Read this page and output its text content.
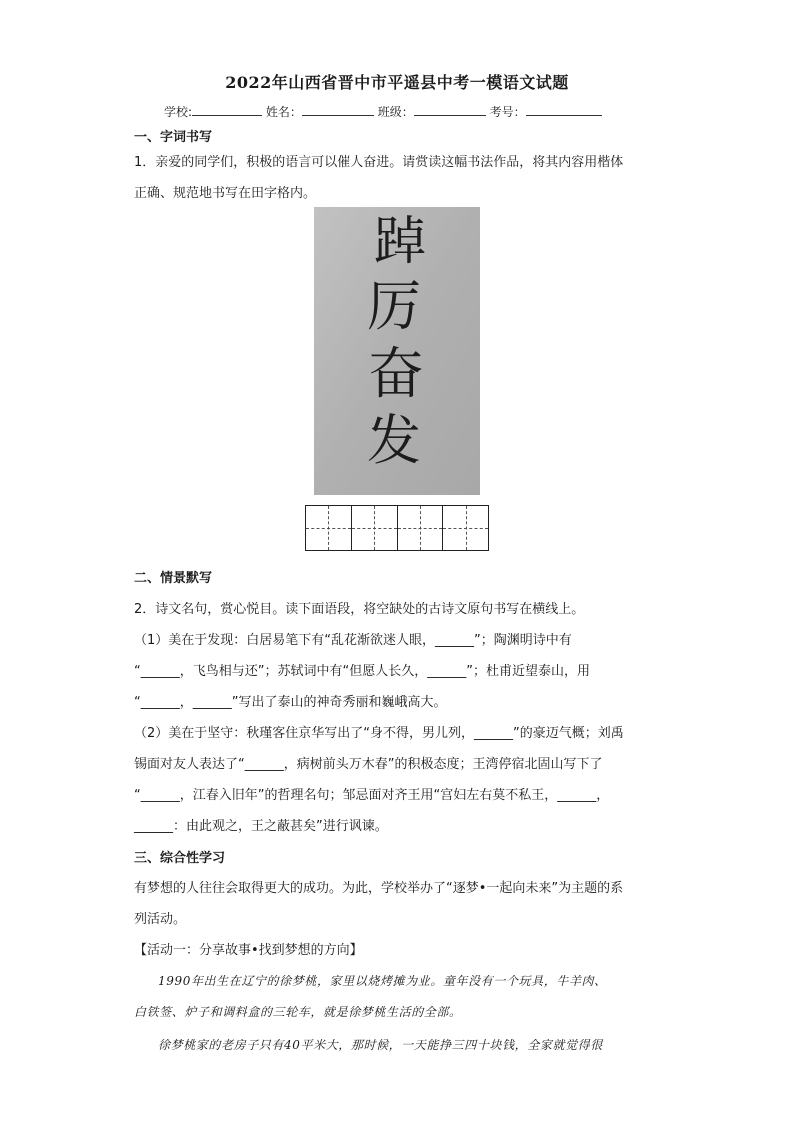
2022年山西省晋中市平遥县中考一模语文试题
学校:	姓名：	班级：	考号：
一、字词书写
1．亲爱的同学们，积极的语言可以催人奋进。请赏读这幅书法作品，将其内容用楷体
正确、规范地书写在田字格内。
踔
厉
奋
发
二、情景默写
2．诗文名句，赏心悦目。读下面语段，将空缺处的古诗文原句书写在横线上。
（1）美在于发现：白居易笔下有“乱花渐欲迷人眼，______”；陶渊明诗中有
“______，飞鸟相与还”；苏轼词中有“但愿人长久，______”；杜甫近望泰山，用
“______，______”写出了泰山的神奇秀丽和巍峨高大。
（2）美在于坚守：秋瑾客住京华写出了“身不得，男儿列，______”的豪迈气概；刘禹
锡面对友人表达了“______，病树前头万木春”的积极态度；王湾停宿北固山写下了
“______，江春入旧年”的哲理名句；邹忌面对齐王用“宫妇左右莫不私王，______，
______：由此观之，王之蔽甚矣”进行讽谏。
三、综合性学习
有梦想的人往往会取得更大的成功。为此，学校举办了“逐梦•一起向未来”为主题的系
列活动。
【活动一：分享故事•找到梦想的方向】
1990年出生在辽宁的徐梦桃，家里以烧烤摊为业。童年没有一个玩具，牛羊肉、
白铁签、炉子和调料盒的三轮车，就是徐梦桃生活的全部。
徐梦桃家的老房子只有40平米大，那时候，一天能挣三四十块钱，全家就觉得很
